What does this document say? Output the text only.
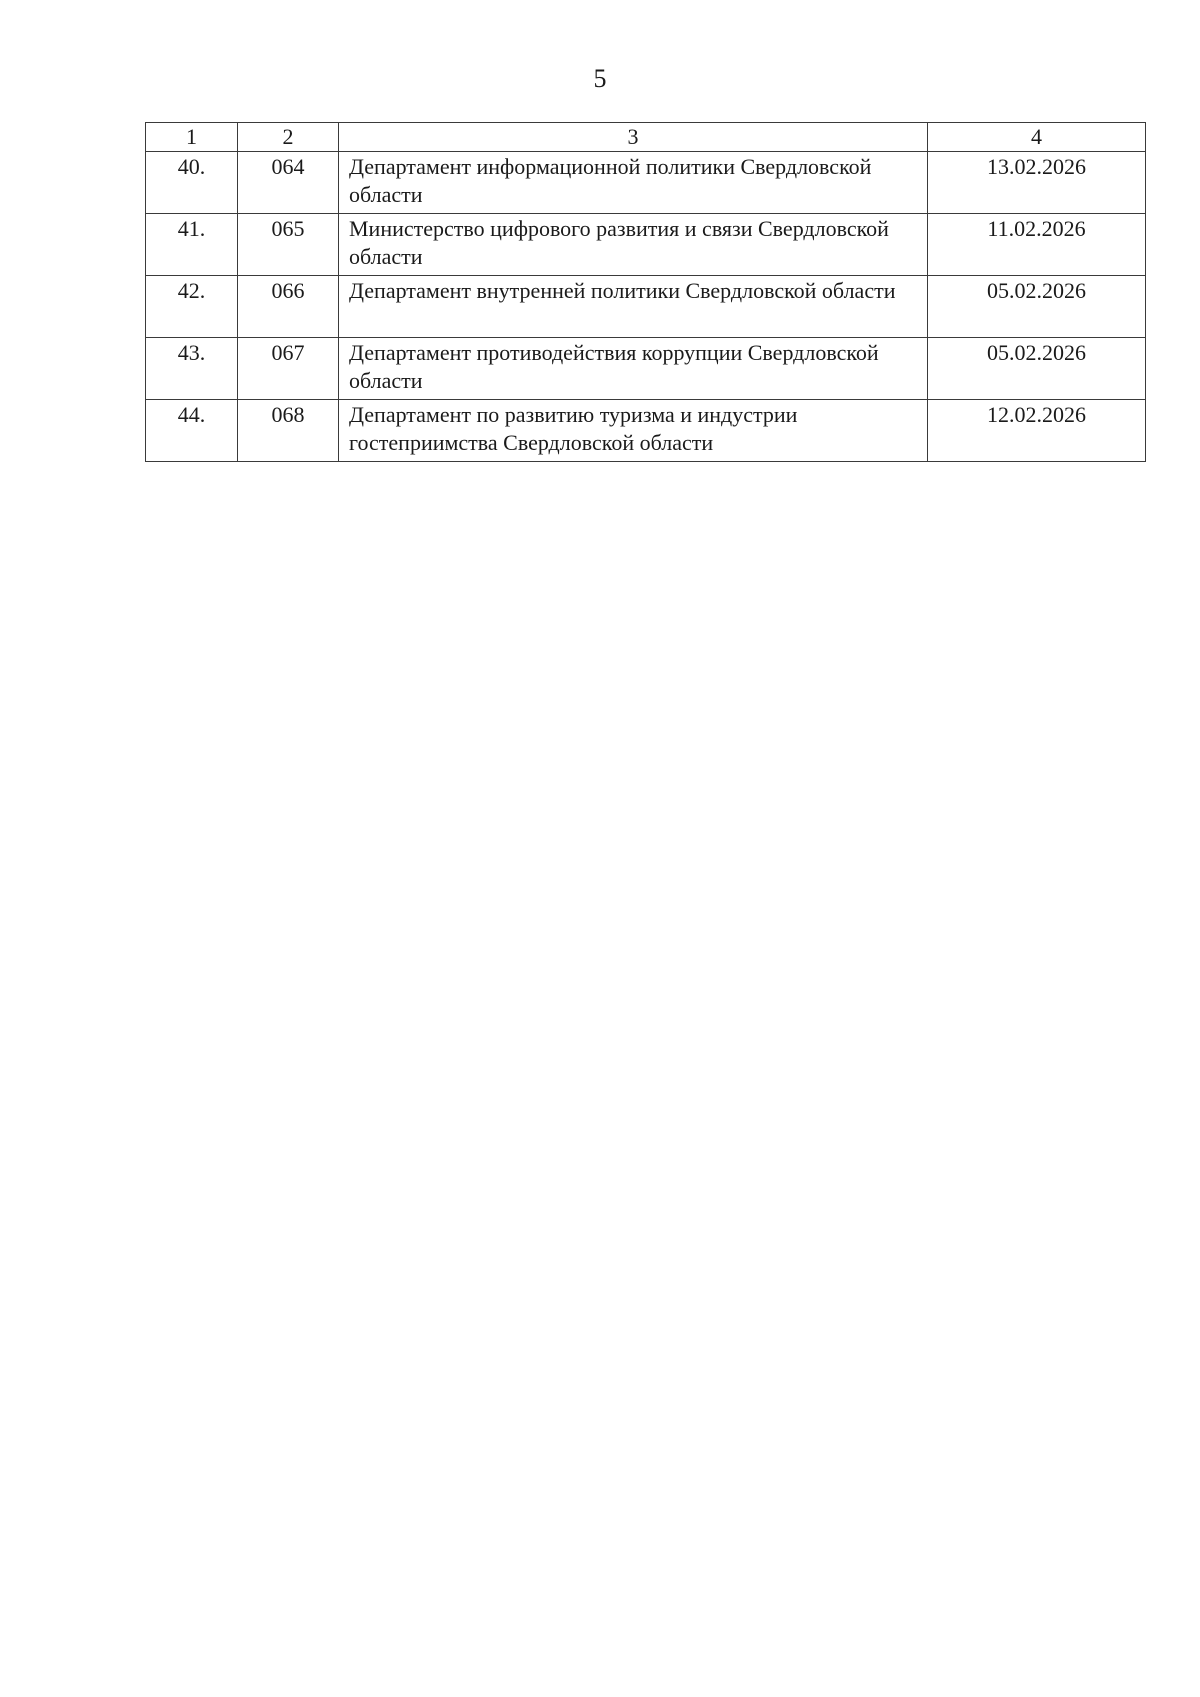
5
1	2	3	4
40.	064	Департамент информационной политики Свердловской области	13.02.2026
41.	065	Министерство цифрового развития и связи Свердловской области	11.02.2026
42.	066	Департамент внутренней политики Свердловской области	05.02.2026
43.	067	Департамент противодействия коррупции Свердловской области	05.02.2026
44.	068	Департамент по развитию туризма и индустрии гостеприимства Свердловской области	12.02.2026
